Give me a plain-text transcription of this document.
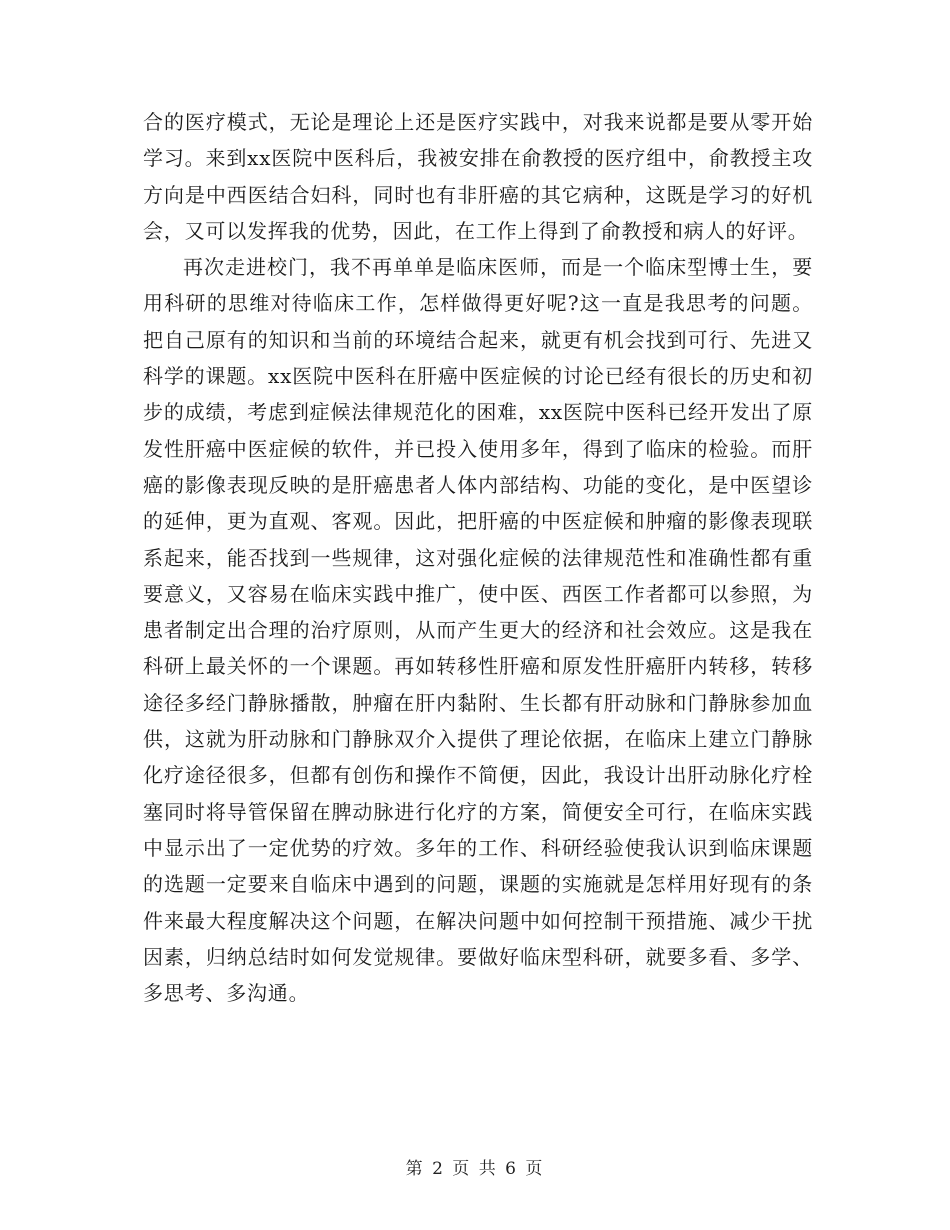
合的医疗模式，无论是理论上还是医疗实践中，对我来说都是要从零开始学习。来到xx医院中医科后，我被安排在俞教授的医疗组中，俞教授主攻方向是中西医结合妇科，同时也有非肝癌的其它病种，这既是学习的好机会，又可以发挥我的优势，因此，在工作上得到了俞教授和病人的好评。

再次走进校门，我不再单单是临床医师，而是一个临床型博士生，要用科研的思维对待临床工作，怎样做得更好呢?这一直是我思考的问题。把自己原有的知识和当前的环境结合起来，就更有机会找到可行、先进又科学的课题。xx医院中医科在肝癌中医症候的讨论已经有很长的历史和初步的成绩，考虑到症候法律规范化的困难，xx医院中医科已经开发出了原发性肝癌中医症候的软件，并已投入使用多年，得到了临床的检验。而肝癌的影像表现反映的是肝癌患者人体内部结构、功能的变化，是中医望诊的延伸，更为直观、客观。因此，把肝癌的中医症候和肿瘤的影像表现联系起来，能否找到一些规律，这对强化症候的法律规范性和准确性都有重要意义，又容易在临床实践中推广，使中医、西医工作者都可以参照，为患者制定出合理的治疗原则，从而产生更大的经济和社会效应。这是我在科研上最关怀的一个课题。再如转移性肝癌和原发性肝癌肝内转移，转移途径多经门静脉播散，肿瘤在肝内黏附、生长都有肝动脉和门静脉参加血供，这就为肝动脉和门静脉双介入提供了理论依据，在临床上建立门静脉化疗途径很多，但都有创伤和操作不简便，因此，我设计出肝动脉化疗栓塞同时将导管保留在脾动脉进行化疗的方案，简便安全可行，在临床实践中显示出了一定优势的疗效。多年的工作、科研经验使我认识到临床课题的选题一定要来自临床中遇到的问题，课题的实施就是怎样用好现有的条件来最大程度解决这个问题，在解决问题中如何控制干预措施、减少干扰因素，归纳总结时如何发觉规律。要做好临床型科研，就要多看、多学、多思考、多沟通。

第 2 页 共 6 页
